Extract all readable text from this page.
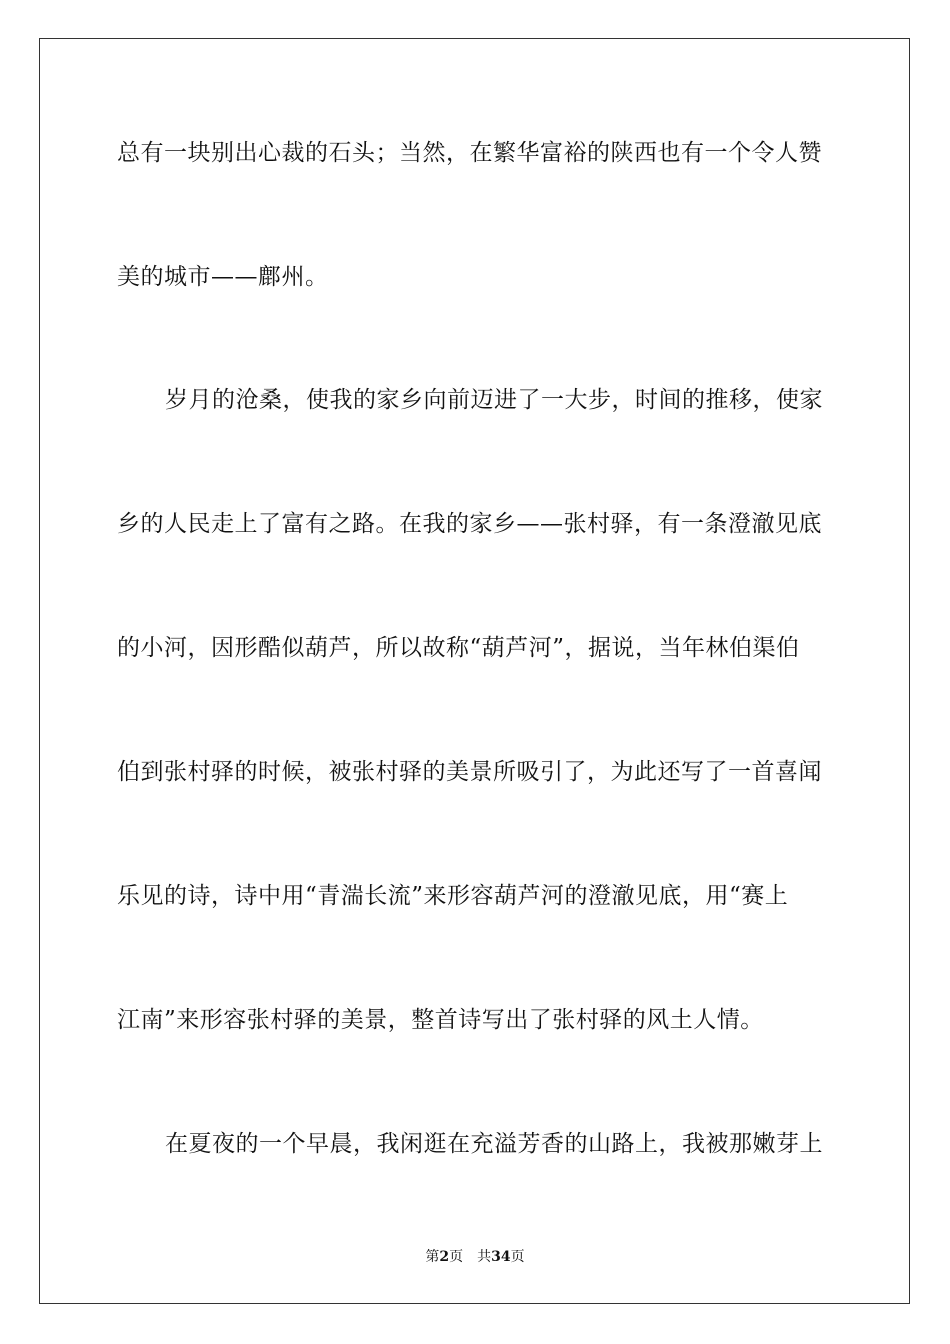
总有一块别出心裁的石头；当然，在繁华富裕的陕西也有一个令人赞
美的城市——鄜州。
岁月的沧桑，使我的家乡向前迈进了一大步，时间的推移，使家
乡的人民走上了富有之路。在我的家乡——张村驿，有一条澄澈见底
的小河，因形酷似葫芦，所以故称“葫芦河”，据说，当年林伯渠伯
伯到张村驿的时候，被张村驿的美景所吸引了，为此还写了一首喜闻
乐见的诗，诗中用“青湍长流”来形容葫芦河的澄澈见底，用“赛上
江南”来形容张村驿的美景，整首诗写出了张村驿的风土人情。
在夏夜的一个早晨，我闲逛在充溢芳香的山路上，我被那嫩芽上
第2页 共34页
